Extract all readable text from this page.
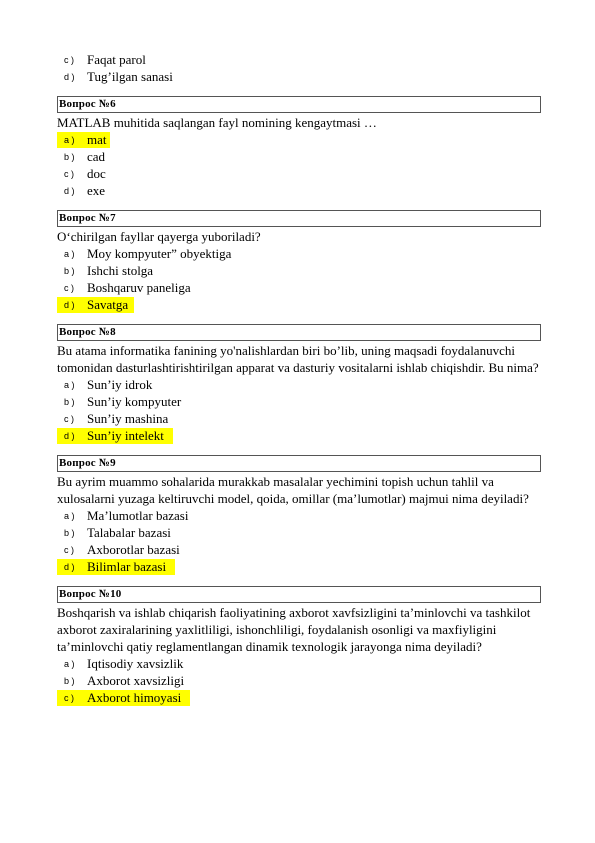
c ) Faqat parol
d ) Tug’ilgan sanasi
Вопрос №6
MATLAB muhitida saqlangan fayl nomining kengaytmasi …
a ) mat
b ) cad
c ) doc
d ) exe
Вопрос №7
O‘chirilgan fayllar qayerga yuboriladi?
a ) Moy kompyuter” obyektiga
b ) Ishchi stolga
c ) Boshqaruv paneliga
d ) Savatga
Вопрос №8
Bu atama informatika fanining yo'nalishlardan biri bo’lib, uning maqsadi foydalanuvchi tomonidan dasturlashtirishtirilgan apparat va dasturiy vositalarni ishlab chiqishdir. Bu nima?
a ) Sun’iy idrok
b ) Sun’iy kompyuter
c ) Sun’iy mashina
d ) Sun’iy intelekt
Вопрос №9
Bu ayrim muammo sohalarida murakkab masalalar yechimini topish uchun tahlil va xulosalarni yuzaga keltiruvchi model, qoida, omillar (ma’lumotlar) majmui nima deyiladi?
a ) Ma’lumotlar bazasi
b ) Talabalar bazasi
c ) Axborotlar bazasi
d ) Bilimlar bazasi
Вопрос №10
Boshqarish va ishlab chiqarish faoliyatining axborot xavfsizligini ta’minlovchi va tashkilot axborot zaxiralarining yaxlitliligi, ishonchliligi, foydalanish osonligi va maxfiyligini ta’minlovchi qatiy reglamentlangan dinamik texnologik jarayonga nima deyiladi?
a ) Iqtisodiy xavsizlik
b ) Axborot xavsizligi
c ) Axborot himoyasi
